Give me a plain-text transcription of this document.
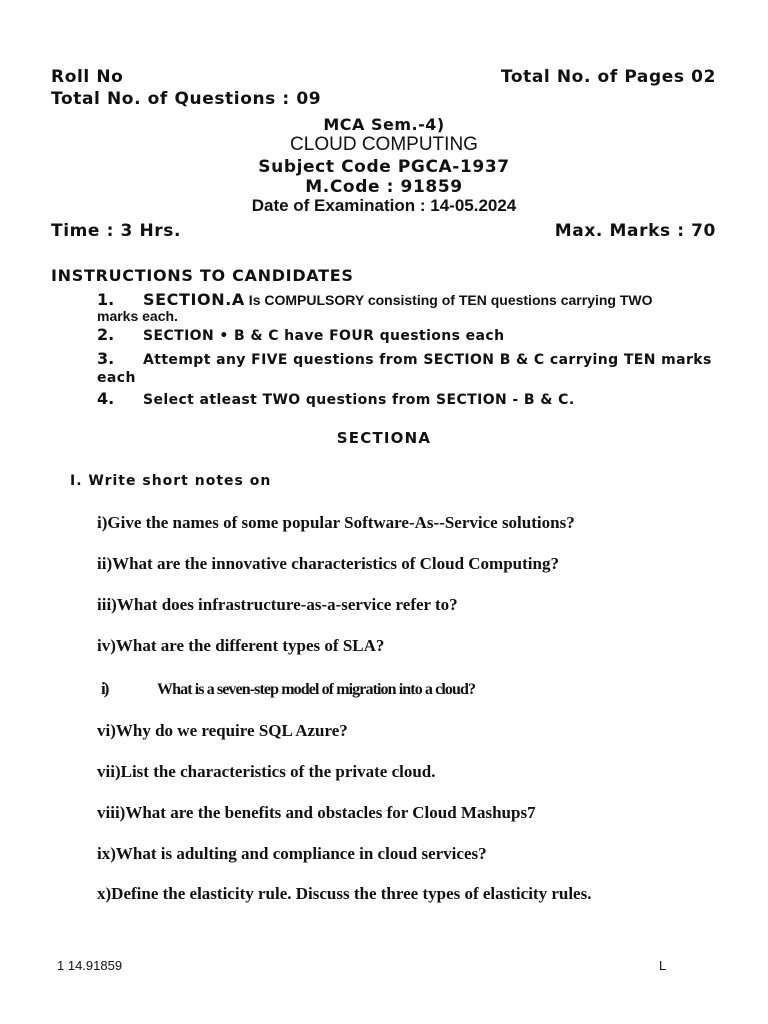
Roll No	Total No. of Pages 02
Total No. of Questions : 09
MCA Sem.-4)
CLOUD COMPUTING
Subject Code PGCA-1937
M.Code : 91859
Date of Examination : 14-05.2024
Time : 3 Hrs.	Max. Marks : 70
INSTRUCTIONS TO CANDIDATES
1. SECTION.A Is COMPULSORY consisting of TEN questions carrying TWO
marks each.
2. SECTION • B & C have FOUR questions each
3. Attempt any FIVE questions from SECTION B & C carrying TEN marks
each
4. Select atleast TWO questions from SECTION - B & C.
SECTIONA
I. Write short notes on
i)Give the names of some popular Software-As--Service solutions?
ii)What are the innovative characteristics of Cloud Computing?
iii)What does infrastructure-as-a-service refer to?
iv)What are the different types of SLA?
i)	What is a seven-step model of migration into a cloud?
vi)Why do we require SQL Azure?
vii)List the characteristics of the private cloud.
viii)What are the benefits and obstacles for Cloud Mashups7
ix)What is adulting and compliance in cloud services?
x)Define the elasticity rule. Discuss the three types of elasticity rules.
1 14.91859	L
